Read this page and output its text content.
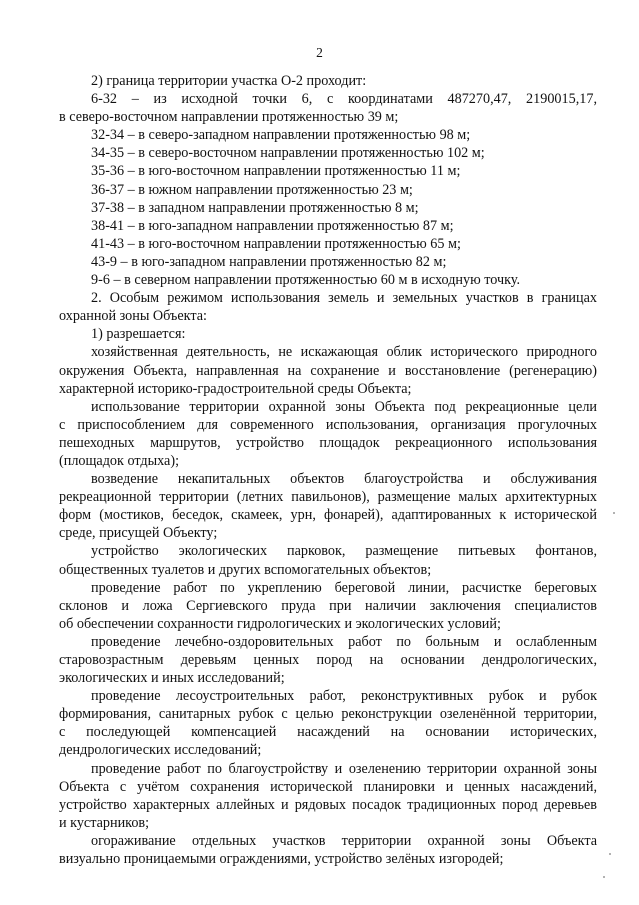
2
2) граница территории участка О-2 проходит:
6-32 – из исходной точки 6, с координатами 487270,47, 2190015,17,
в северо-восточном направлении протяженностью 39 м;
32-34 – в северо-западном направлении протяженностью 98 м;
34-35 – в северо-восточном направлении протяженностью 102 м;
35-36 – в юго-восточном направлении протяженностью 11 м;
36-37 – в южном направлении протяженностью 23 м;
37-38 – в западном направлении протяженностью 8 м;
38-41 – в юго-западном направлении протяженностью 87 м;
41-43 – в юго-восточном направлении протяженностью 65 м;
43-9 – в юго-западном направлении протяженностью 82 м;
9-6 – в северном направлении протяженностью 60 м в исходную точку.
2. Особым режимом использования земель и земельных участков в границах
охранной зоны Объекта:
1) разрешается:
хозяйственная деятельность, не искажающая облик исторического природного
окружения Объекта, направленная на сохранение и восстановление (регенерацию)
характерной историко-градостроительной среды Объекта;
использование территории охранной зоны Объекта под рекреационные цели
с приспособлением для современного использования, организация прогулочных
пешеходных маршрутов, устройство площадок рекреационного использования
(площадок отдыха);
возведение некапитальных объектов благоустройства и обслуживания
рекреационной территории (летних павильонов), размещение малых архитектурных
форм (мостиков, беседок, скамеек, урн, фонарей), адаптированных к исторической
среде, присущей Объекту;
устройство экологических парковок, размещение питьевых фонтанов,
общественных туалетов и других вспомогательных объектов;
проведение работ по укреплению береговой линии, расчистке береговых
склонов и ложа Сергиевского пруда при наличии заключения специалистов
об обеспечении сохранности гидрологических и экологических условий;
проведение лечебно-оздоровительных работ по больным и ослабленным
старовозрастным деревьям ценных пород на основании дендрологических,
экологических и иных исследований;
проведение лесоустроительных работ, реконструктивных рубок и рубок
формирования, санитарных рубок с целью реконструкции озеленённой территории,
с последующей компенсацией насаждений на основании исторических,
дендрологических исследований;
проведение работ по благоустройству и озеленению территории охранной зоны
Объекта с учётом сохранения исторической планировки и ценных насаждений,
устройство характерных аллейных и рядовых посадок традиционных пород деревьев
и кустарников;
огораживание отдельных участков территории охранной зоны Объекта
визуально проницаемыми ограждениями, устройство зелёных изгородей;
